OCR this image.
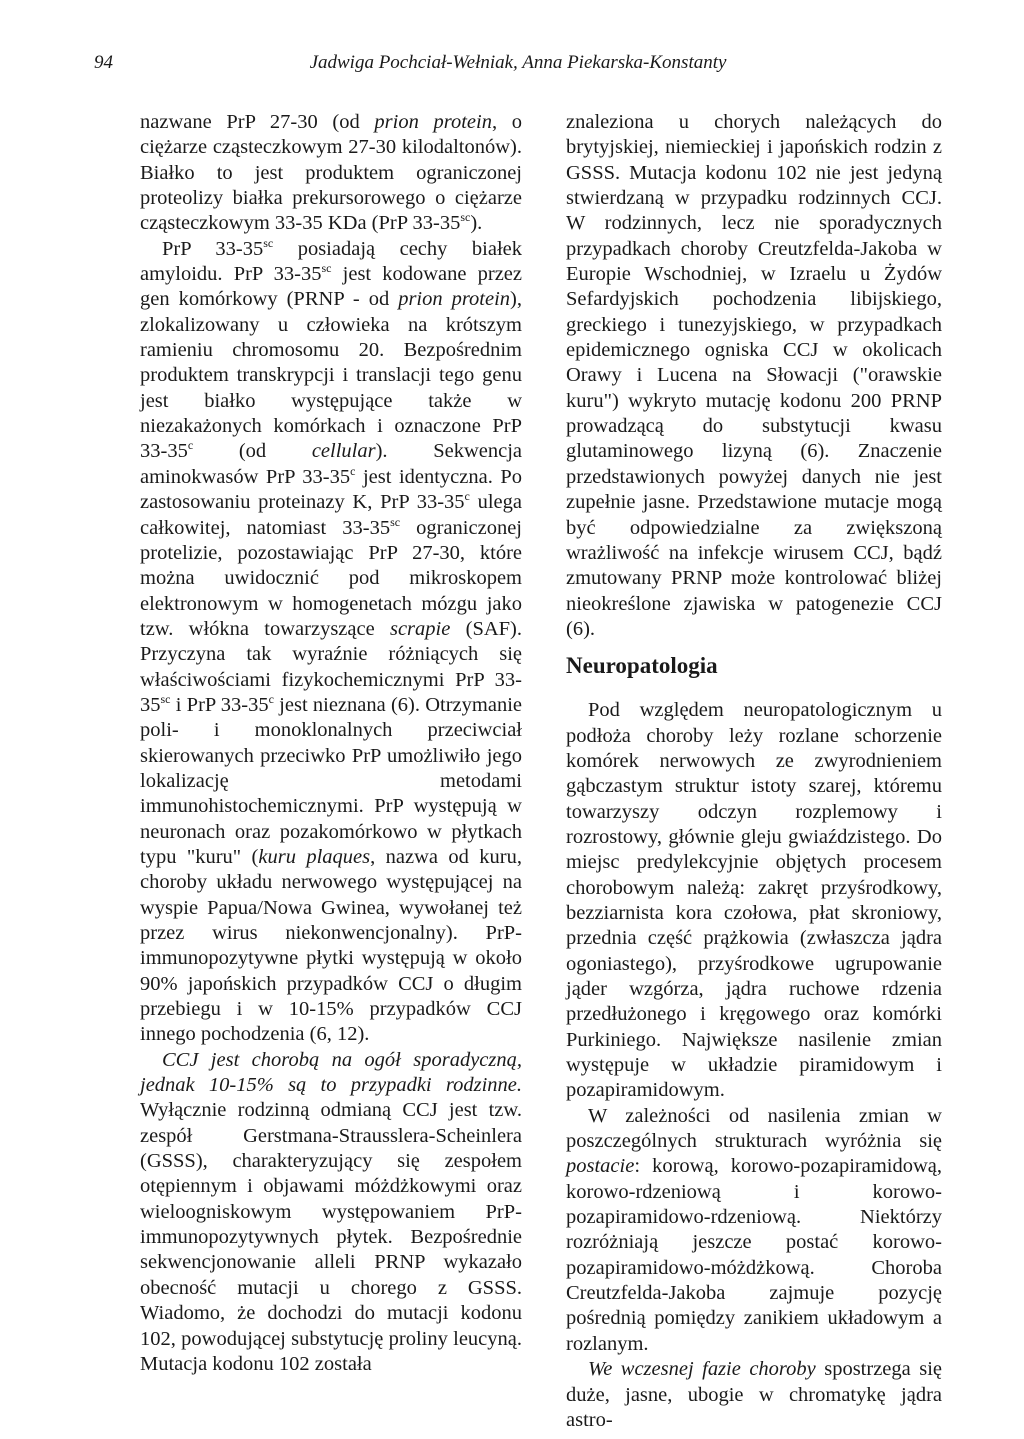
94	Jadwiga Pochciał-Wełniak, Anna Piekarska-Konstanty

nazwane PrP 27-30 (od prion protein, o ciężarze cząsteczkowym 27-30 kilodaltonów). Białko to jest produktem ograniczonej proteolizy białka prekursorowego o ciężarze cząsteczkowym 33-35 KDa (PrP $33-35^{sc}$).

PrP $33-35^{sc}$ posiadają cechy białek amyloidu. PrP $33-35^{sc}$ jest kodowane przez gen komórkowy (PRNP - od prion protein), zlokalizowany u człowieka na krótszym ramieniu chromosomu 20. Bezpośrednim produktem transkrypcji i translacji tego genu jest białko występujące także w niezakażonych komórkach i oznaczone PrP 33-35$^c$ (od cellular). Sekwencja aminokwasów PrP 33-35$^c$ jest identyczna. Po zastosowaniu proteinazy K, PrP 33-35$^c$ ulega całkowitej, natomiast $33-35^{sc}$ ograniczonej protelizie, pozostawiając PrP 27-30, które można uwidocznić pod mikroskopem elektronowym w homogenetach mózgu jako tzw. włókna towarzyszące scrapie (SAF). Przyczyna tak wyraźnie różniących się właściwościami fizykochemicznymi PrP $33-35^{sc}$ i PrP 33-35$^c$ jest nieznana (6). Otrzymanie poli- i monoklonalnych przeciwciał skierowanych przeciwko PrP umożliwiło jego lokalizację metodami immunohistochemicznymi. PrP występują w neuronach oraz pozakomórkowo w płytkach typu "kuru" (kuru plaques, nazwa od kuru, choroby układu nerwowego występującej na wyspie Papua/Nowa Gwinea, wywołanej też przez wirus niekonwencjonalny). PrP-immunopozytywne płytki występują w około 90% japońskich przypadków CCJ o długim przebiegu i w 10-15% przypadków CCJ innego pochodzenia (6, 12).

CCJ jest chorobą na ogół sporadyczną, jednak 10-15% są to przypadki rodzinne. Wyłącznie rodzinną odmianą CCJ jest tzw. zespół Gerstmana-Strausslera-Scheinlera (GSSS), charakteryzujący się zespołem otępiennym i objawami móżdżkowymi oraz wieloogniskowym występowaniem PrP-immunopozytywnych płytek. Bezpośrednie sekwencjonowanie alleli PRNP wykazało obecność mutacji u chorego z GSSS. Wiadomo, że dochodzi do mutacji kodonu 102, powodującej substytucję proliny leucyną. Mutacja kodonu 102 została

znaleziona u chorych należących do brytyjskiej, niemieckiej i japońskich rodzin z GSSS. Mutacja kodonu 102 nie jest jedyną stwierdzaną w przypadku rodzinnych CCJ. W rodzinnych, lecz nie sporadycznych przypadkach choroby Creutzfelda-Jakoba w Europie Wschodniej, w Izraelu u Żydów Sefardyjskich pochodzenia libijskiego, greckiego i tunezyjskiego, w przypadkach epidemicznego ogniska CCJ w okolicach Orawy i Lucena na Słowacji ("orawskie kuru") wykryto mutację kodonu 200 PRNP prowadzącą do substytucji kwasu glutaminowego lizyną (6). Znaczenie przedstawionych powyżej danych nie jest zupełnie jasne. Przedstawione mutacje mogą być odpowiedzialne za zwiększoną wrażliwość na infekcje wirusem CCJ, bądź zmutowany PRNP może kontrolować bliżej nieokreślone zjawiska w patogenezie CCJ (6).

Neuropatologia

Pod względem neuropatologicznym u podłoża choroby leży rozlane schorzenie komórek nerwowych ze zwyrodnieniem gąbczastym struktur istoty szarej, któremu towarzyszy odczyn rozplemowy i rozrostowy, głównie gleju gwiaździstego. Do miejsc predylekcyjnie objętych procesem chorobowym należą: zakręt przyśrodkowy, bezziarnista kora czołowa, płat skroniowy, przednia część prążkowia (zwłaszcza jądra ogoniastego), przyśrodkowe ugrupowanie jąder wzgórza, jądra ruchowe rdzenia przedłużonego i kręgowego oraz komórki Purkiniego. Największe nasilenie zmian występuje w układzie piramidowym i pozapiramidowym.

W zależności od nasilenia zmian w poszczególnych strukturach wyróżnia się postacie: korową, korowo-pozapiramidową, korowo-rdzeniową i korowo-pozapiramidowo-rdzeniową. Niektórzy rozróżniają jeszcze postać korowo-pozapiramidowo-móżdżkową. Choroba Creutzfelda-Jakoba zajmuje pozycję pośrednią pomiędzy zanikiem układowym a rozlanym.

We wczesnej fazie choroby spostrzega się duże, jasne, ubogie w chromatykę jądra astro-
